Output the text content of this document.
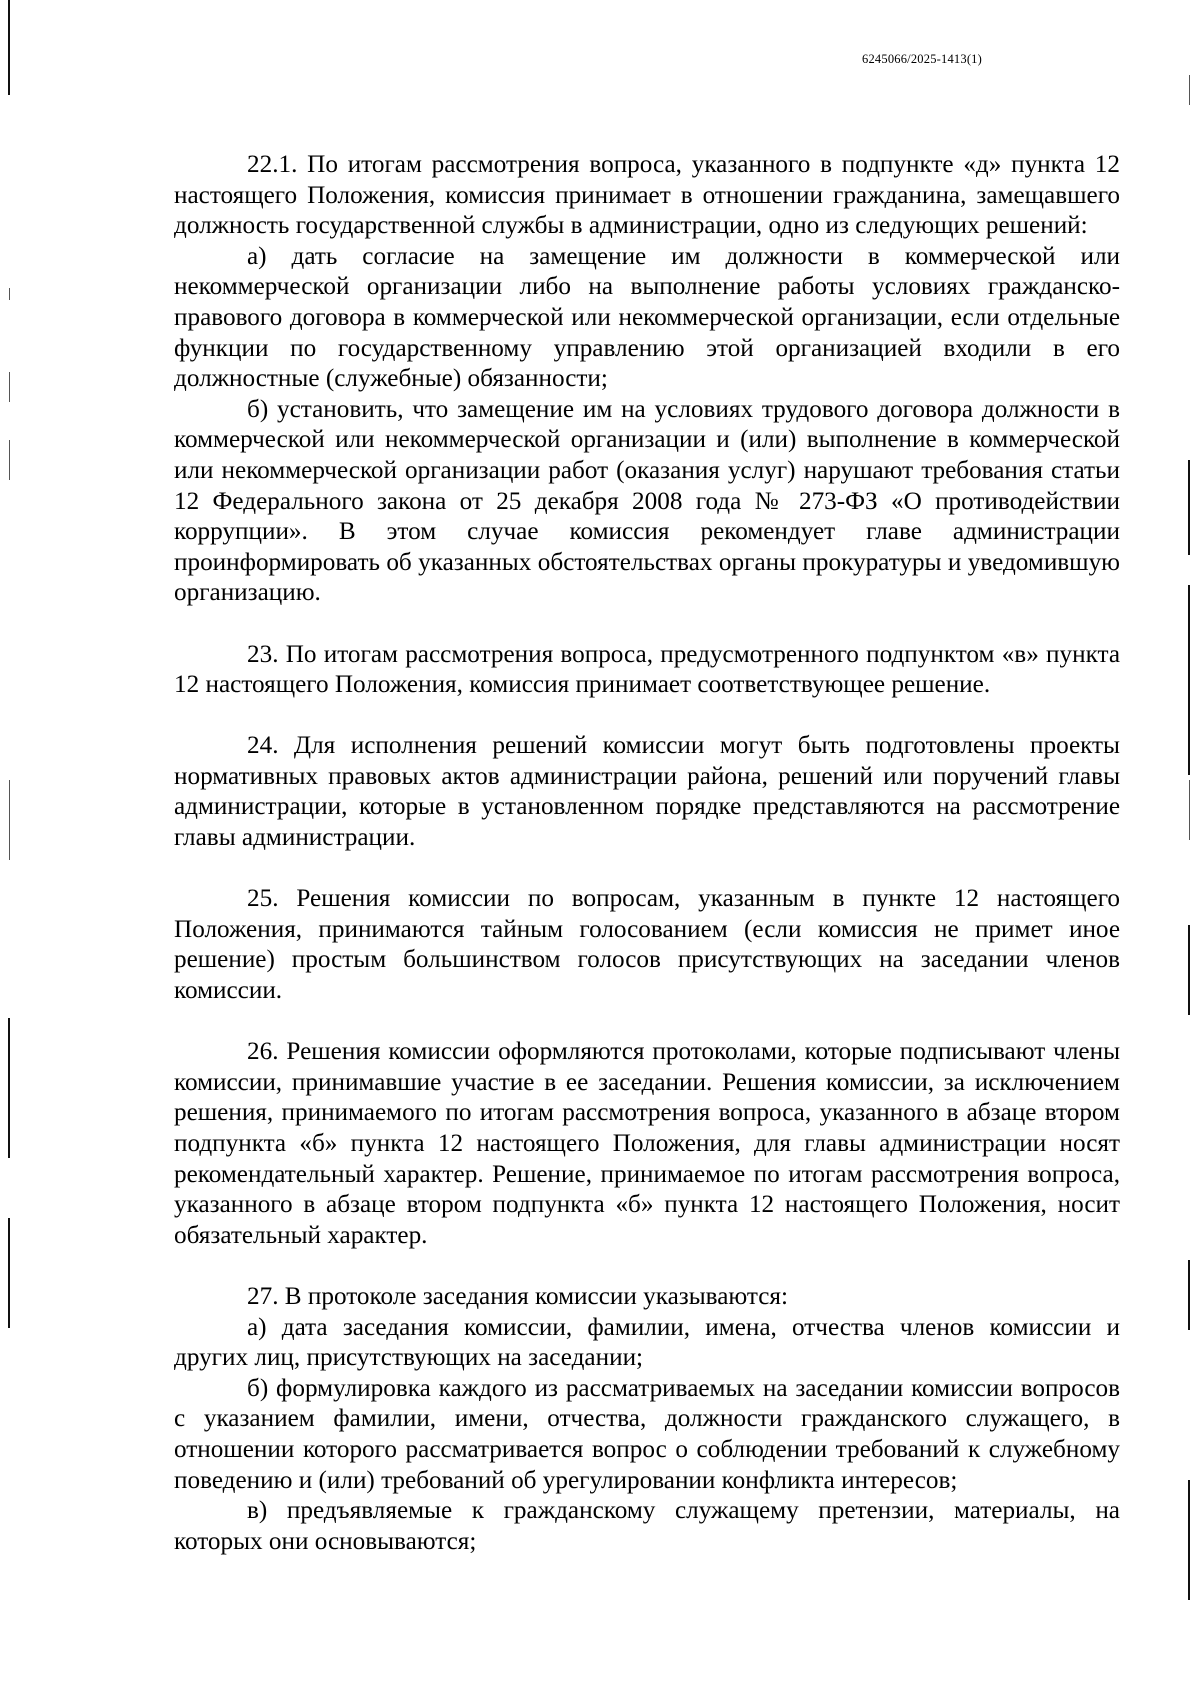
6245066/2025-1413(1)

22.1. По итогам рассмотрения вопроса, указанного в подпункте «д» пункта 12 настоящего Положения, комиссия принимает в отношении гражданина, замещавшего должность государственной службы в администрации, одно из следующих решений:

а) дать согласие на замещение им должности в коммерческой или некоммерческой организации либо на выполнение работы условиях гражданско-правового договора в коммерческой или некоммерческой организации, если отдельные функции по государственному управлению этой организацией входили в его должностные (служебные) обязанности;

б) установить, что замещение им на условиях трудового договора должности в коммерческой или некоммерческой организации и (или) выполнение в коммерческой или некоммерческой организации работ (оказания услуг) нарушают требования статьи 12 Федерального закона от 25 декабря 2008 года № 273-ФЗ «О противодействии коррупции». В этом случае комиссия рекомендует главе администрации проинформировать об указанных обстоятельствах органы прокуратуры и уведомившую организацию.

23. По итогам рассмотрения вопроса, предусмотренного подпунктом «в» пункта 12 настоящего Положения, комиссия принимает соответствующее решение.

24. Для исполнения решений комиссии могут быть подготовлены проекты нормативных правовых актов администрации района, решений или поручений главы администрации, которые в установленном порядке представляются на рассмотрение главы администрации.

25. Решения комиссии по вопросам, указанным в пункте 12 настоящего Положения, принимаются тайным голосованием (если комиссия не примет иное решение) простым большинством голосов присутствующих на заседании членов комиссии.

26. Решения комиссии оформляются протоколами, которые подписывают члены комиссии, принимавшие участие в ее заседании. Решения комиссии, за исключением решения, принимаемого по итогам рассмотрения вопроса, указанного в абзаце втором подпункта «б» пункта 12 настоящего Положения, для главы администрации носят рекомендательный характер. Решение, принимаемое по итогам рассмотрения вопроса, указанного в абзаце втором подпункта «б» пункта 12 настоящего Положения, носит обязательный характер.

27. В протоколе заседания комиссии указываются:

а) дата заседания комиссии, фамилии, имена, отчества членов комиссии и других лиц, присутствующих на заседании;

б) формулировка каждого из рассматриваемых на заседании комиссии вопросов с указанием фамилии, имени, отчества, должности гражданского служащего, в отношении которого рассматривается вопрос о соблюдении требований к служебному поведению и (или) требований об урегулировании конфликта интересов;

в) предъявляемые к гражданскому служащему претензии, материалы, на которых они основываются;
